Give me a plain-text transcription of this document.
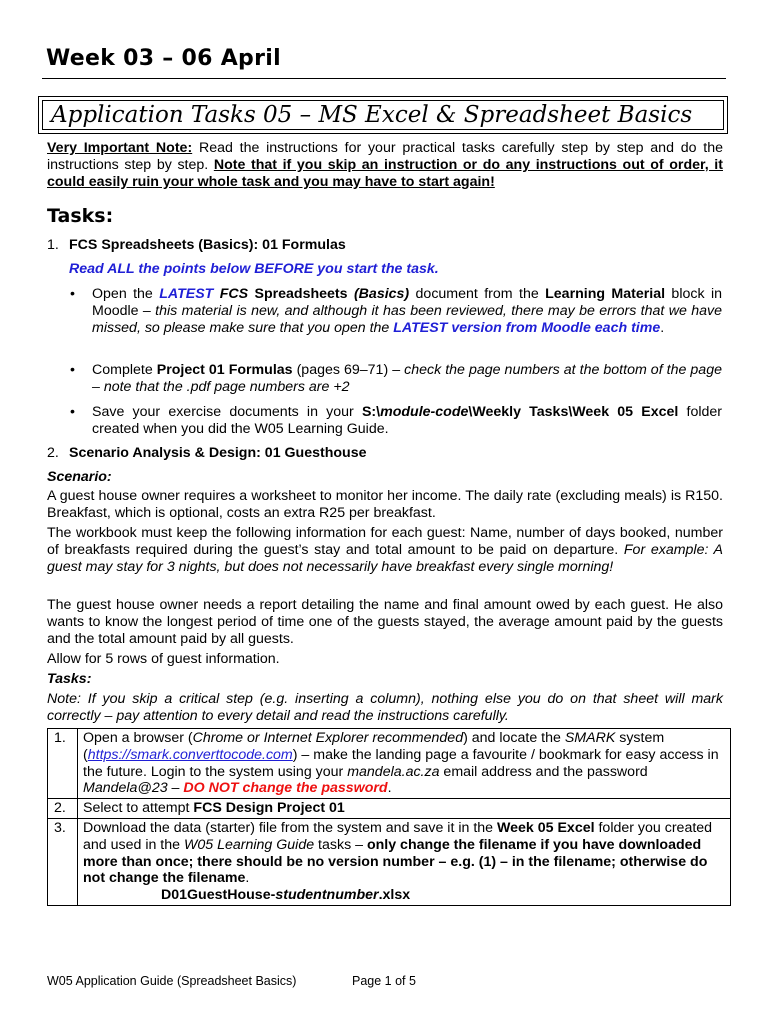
Week 03 – 06 April
Application Tasks 05 – MS Excel & Spreadsheet Basics
Very Important Note: Read the instructions for your practical tasks carefully step by step and do the instructions step by step. Note that if you skip an instruction or do any instructions out of order, it could easily ruin your whole task and you may have to start again!
Tasks:
1. FCS Spreadsheets (Basics): 01 Formulas
Read ALL the points below BEFORE you start the task.
• Open the LATEST FCS Spreadsheets (Basics) document from the Learning Material block in Moodle – this material is new, and although it has been reviewed, there may be errors that we have missed, so please make sure that you open the LATEST version from Moodle each time.
• Complete Project 01 Formulas (pages 69–71) – check the page numbers at the bottom of the page – note that the .pdf page numbers are +2
• Save your exercise documents in your S:\module-code\Weekly Tasks\Week 05 Excel folder created when you did the W05 Learning Guide.
2. Scenario Analysis & Design: 01 Guesthouse
Scenario:
A guest house owner requires a worksheet to monitor her income. The daily rate (excluding meals) is R150. Breakfast, which is optional, costs an extra R25 per breakfast.
The workbook must keep the following information for each guest: Name, number of days booked, number of breakfasts required during the guest’s stay and total amount to be paid on departure. For example: A guest may stay for 3 nights, but does not necessarily have breakfast every single morning!
The guest house owner needs a report detailing the name and final amount owed by each guest. He also wants to know the longest period of time one of the guests stayed, the average amount paid by the guests and the total amount paid by all guests.
Allow for 5 rows of guest information.
Tasks:
Note: If you skip a critical step (e.g. inserting a column), nothing else you do on that sheet will mark correctly – pay attention to every detail and read the instructions carefully.
1.	Open a browser (Chrome or Internet Explorer recommended) and locate the SMARK system (https://smark.converttocode.com) – make the landing page a favourite / bookmark for easy access in the future. Login to the system using your mandela.ac.za email address and the password Mandela@23 – DO NOT change the password.
2.	Select to attempt FCS Design Project 01
3.	Download the data (starter) file from the system and save it in the Week 05 Excel folder you created and used in the W05 Learning Guide tasks – only change the filename if you have downloaded more than once; there should be no version number – e.g. (1) – in the filename; otherwise do not change the filename.
D01GuestHouse-studentnumber.xlsx
W05 Application Guide (Spreadsheet Basics)	Page 1 of 5
